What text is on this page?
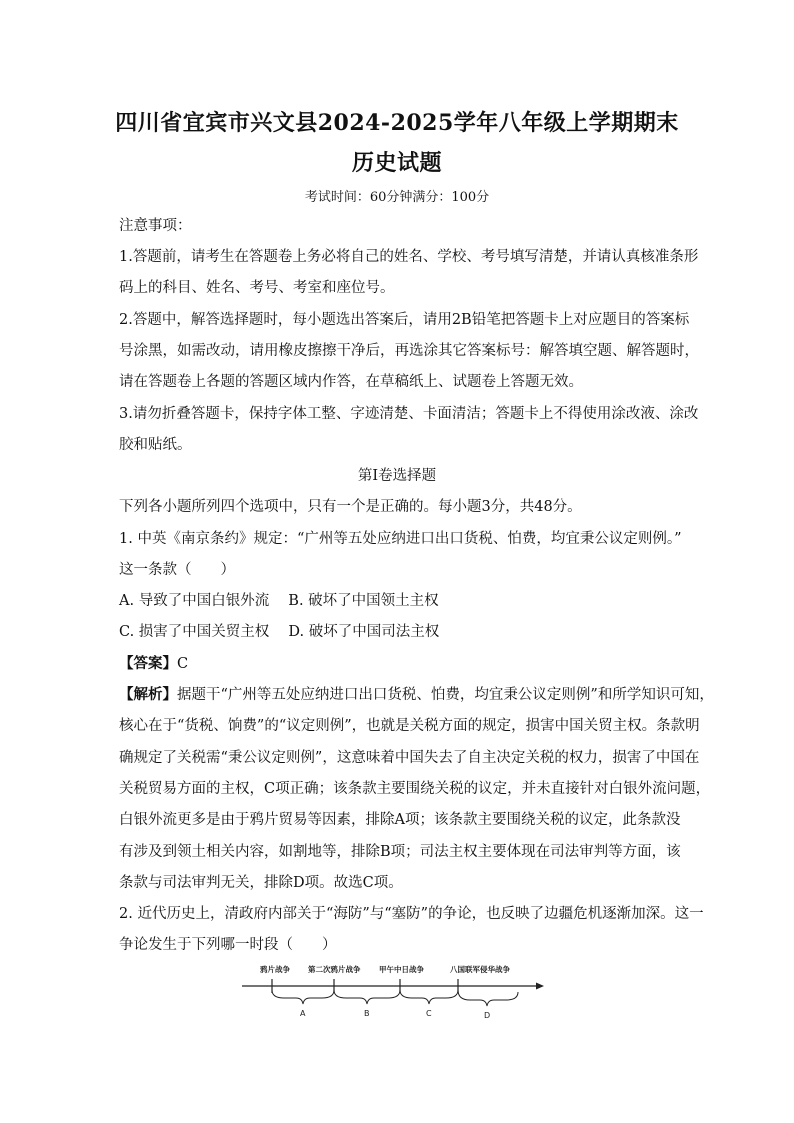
四川省宜宾市兴文县2024-2025学年八年级上学期期末
历史试题
考试时间：60分钟满分：100分
注意事项：
1.答题前，请考生在答题卷上务必将自己的姓名、学校、考号填写清楚，并请认真核准条形
码上的科目、姓名、考号、考室和座位号。
2.答题中，解答选择题时，每小题选出答案后，请用2B铅笔把答题卡上对应题目的答案标
号涂黑，如需改动，请用橡皮擦擦干净后，再选涂其它答案标号：解答填空题、解答题时，
请在答题卷上各题的答题区域内作答，在草稿纸上、试题卷上答题无效。
3.请勿折叠答题卡，保持字体工整、字迹清楚、卡面清洁；答题卡上不得使用涂改液、涂改
胶和贴纸。
第Ⅰ卷选择题
下列各小题所列四个选项中，只有一个是正确的。每小题3分，共48分。
1. 中英《南京条约》规定：“广州等五处应纳进口出口货税、怕费，均宜秉公议定则例。”
这一条款（　　）
A. 导致了中国白银外流　 B. 破坏了中国领土主权
C. 损害了中国关贸主权　 D. 破坏了中国司法主权
【答案】C
【解析】据题干“广州等五处应纳进口出口货税、怕费，均宜秉公议定则例”和所学知识可知，
核心在于“货税、饷费”的“议定则例”，也就是关税方面的规定，损害中国关贸主权。条款明
确规定了关税需“秉公议定则例”，这意味着中国失去了自主决定关税的权力，损害了中国在
关税贸易方面的主权，C项正确；该条款主要围绕关税的议定，并未直接针对白银外流问题，
白银外流更多是由于鸦片贸易等因素，排除A项；该条款主要围绕关税的议定，此条款没
有涉及到领土相关内容，如割地等，排除B项；司法主权主要体现在司法审判等方面，该
条款与司法审判无关，排除D项。故选C项。
2. 近代历史上，清政府内部关于“海防”与“塞防”的争论，也反映了边疆危机逐渐加深。这一
争论发生于下列哪一时段（　　）
鸦片战争 第二次鸦片战争 甲午中日战争	八国联军侵华战争
A	B	C	D
